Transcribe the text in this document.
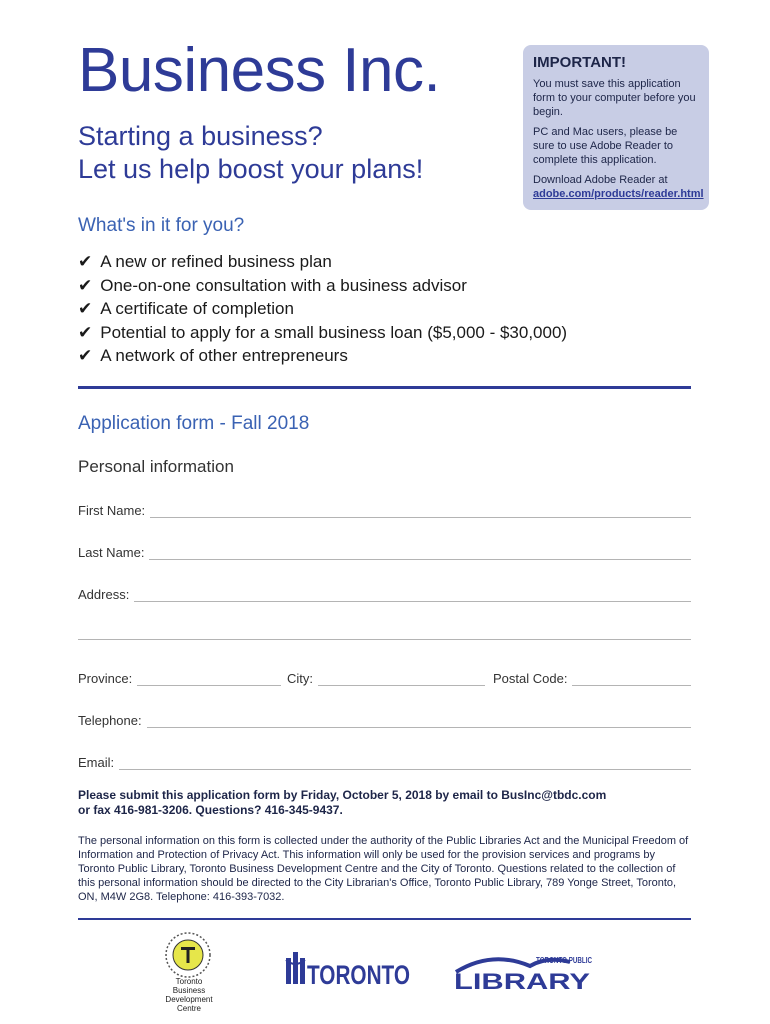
Business Inc.
Starting a business?
Let us help boost your plans!
IMPORTANT!

You must save this application form to your computer before you begin.

PC and Mac users, please be sure to use Adobe Reader to complete this application.

Download Adobe Reader at
adobe.com/products/reader.html

What's in it for you?
✔ A new or refined business plan
✔ One-on-one consultation with a business advisor
✔ A certificate of completion
✔ Potential to apply for a small business loan ($5,000 - $30,000)
✔ A network of other entrepreneurs
Application form - Fall 2018
Personal information
First Name:
Last Name:
Address:
Province:	City:	Postal Code:
Telephone:
Email:
Please submit this application form by Friday, October 5, 2018 by email to BusInc@tbdc.com
or fax 416-981-3206. Questions? 416-345-9437.
The personal information on this form is collected under the authority of the Public Libraries Act and the Municipal Freedom of Information and Protection of Privacy Act. This information will only be used for the provision services and programs by Toronto Public Library, Toronto Business Development Centre and the City of Toronto. Questions related to the collection of this personal information should be directed to the City Librarian's Office, Toronto Public Library, 789 Yonge Street, Toronto, ON, M4W 2G8. Telephone: 416-393-7032.
Toronto
Business
Development
Centre
TORONTO	TORONTO PUBLIC
LIBRARY
